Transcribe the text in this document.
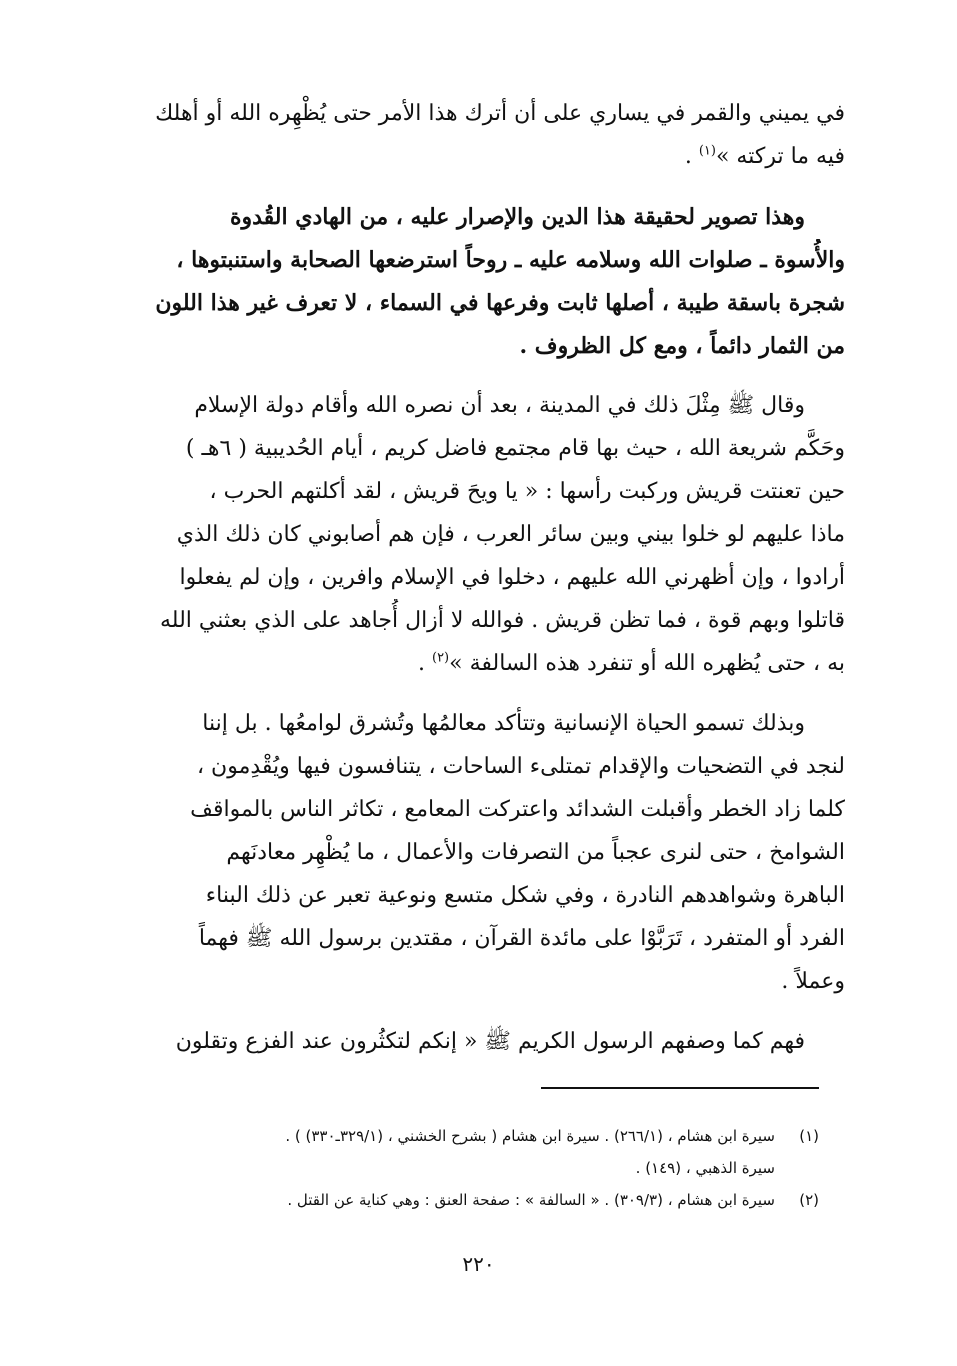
في يميني والقمر في يساري على أن أترك هذا الأمر حتى يُظْهِره الله أو أهلك
فيه ما تركته »$^{(١)}$ .
وهذا تصوير لحقيقة هذا الدين والإصرار عليه ، من الهادي القُدوة
والأُسوة ـ صلوات الله وسلامه عليه ـ روحاً استرضعها الصحابة واستنبتوها ،
شجرة باسقة طيبة ، أصلها ثابت وفرعها في السماء ، لا تعرف غير هذا اللون
من الثمار دائماً ، ومع كل الظروف .
وقال ﷺ مِثْلَ ذلك في المدينة ، بعد أن نصره الله وأقام دولة الإسلام
وحَكَّم شريعة الله ، حيث بها قام مجتمع فاضل كريم ، أيام الحُديبية ( ٦هـ )
حين تعنتت قريش وركبت رأسها : « يا ويحَ قريش ، لقد أكلتهم الحرب ،
ماذا عليهم لو خلوا بيني وبين سائر العرب ، فإن هم أصابوني كان ذلك الذي
أرادوا ، وإن أظهرني الله عليهم ، دخلوا في الإسلام وافرين ، وإن لم يفعلوا
قاتلوا وبهم قوة ، فما تظن قريش . فوالله لا أزال أُجاهد على الذي بعثني الله
به ، حتى يُظهره الله أو تنفرد هذه السالفة »$^{(٢)}$ .
وبذلك تسمو الحياة الإنسانية وتتأكد معالمُها وتُشرق لوامعُها . بل إننا
لنجد في التضحيات والإقدام تمتلىء الساحات ، يتنافسون فيها ويُقْدِمون ،
كلما زاد الخطر وأقبلت الشدائد واعتركت المعامع ، تكاثر الناس بالمواقف
الشوامخ ، حتى لنرى عجباً من التصرفات والأعمال ، ما يُظْهِر معادنَهم
الباهرة وشواهدهم النادرة ، وفي شكل متسع ونوعية تعبر عن ذلك البناء
الفرد أو المتفرد ، تَرَبَّوْا على مائدة القرآن ، مقتدين برسول الله ﷺ فهماً
وعملاً .
فهم كما وصفهم الرسول الكريم ﷺ « إنكم لتكثُرون عند الفزع وتقلون
(١)
سيرة ابن هشام ، (٢٦٦/١) . سيرة ابن هشام ( بشرح الخشني ، (٣٢٩/١ـ٣٣٠) ) .
سيرة الذهبي ، (١٤٩) .
(٢)
سيرة ابن هشام ، (٣٠٩/٣) . « السالفة » : صفحة العنق : وهي كناية عن القتل .
٢٢٠
